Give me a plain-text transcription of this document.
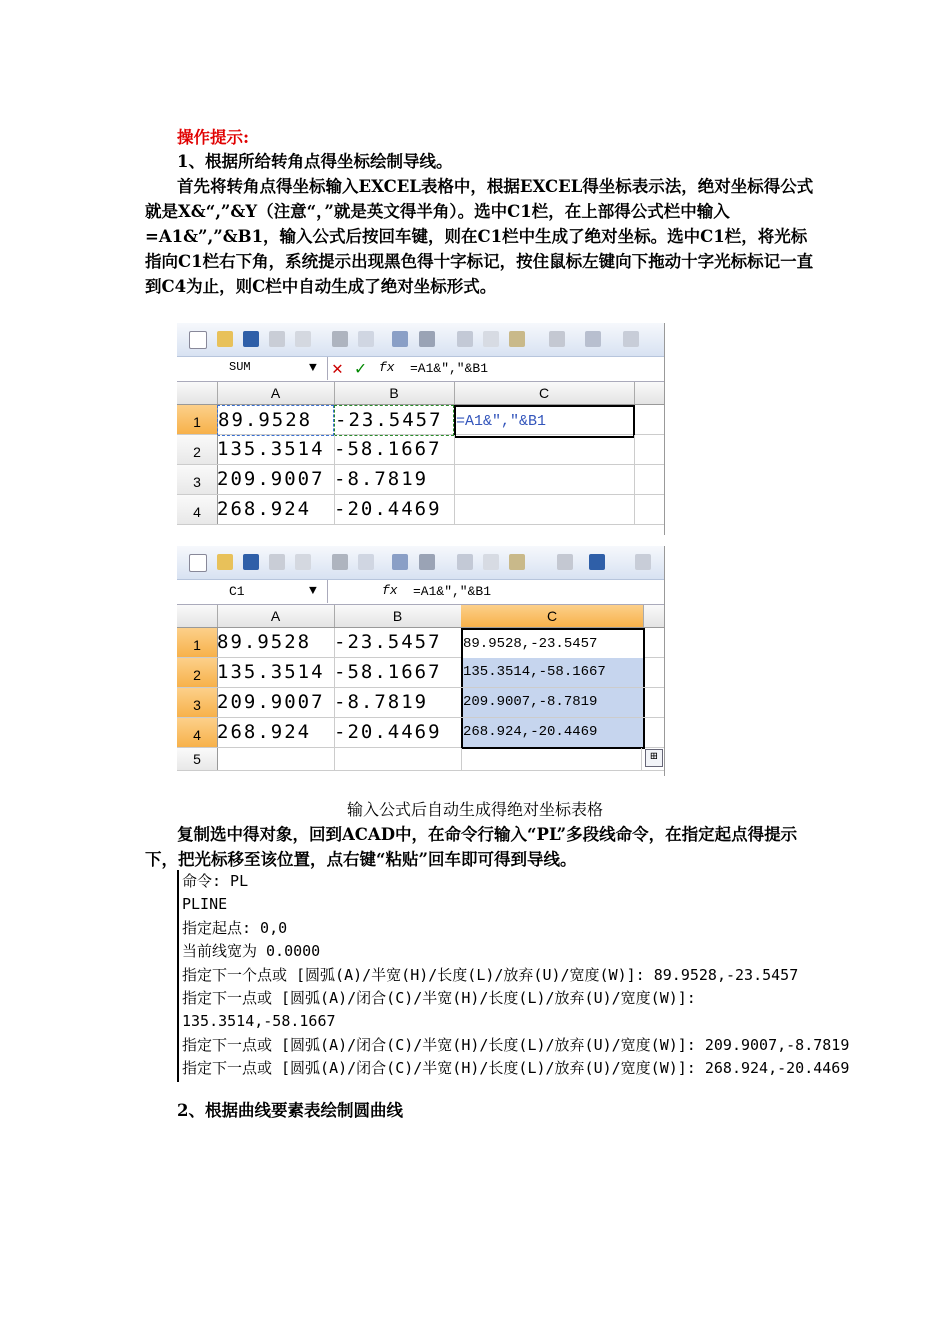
操作提示:
1、根据所给转角点得坐标绘制导线。
首先将转角点得坐标输入EXCEL表格中，根据EXCEL得坐标表示法，绝对坐标得公式就是X&“,”&Y（注意“，”就是英文得半角）。选中C1栏，在上部得公式栏中输入=A1&”,”&B1，输入公式后按回车键，则在C1栏中生成了绝对坐标。选中C1栏，将光标指向C1栏右下角，系统提示出现黑色得十字标记，按住鼠标左键向下拖动十字光标标记一直到C4为止，则C栏中自动生成了绝对坐标形式。
SUM	▼ ✕ ✓ fx =A1&","&B1
A	B	C
1 89.9528	-23.5457 =A1&","&B1
2 135.3514 -58.1667
3 209.9007 -8.7819
4 268.924	-20.4469
C1	▼	fx =A1&","&B1
A	B	C
1 89.9528	-23.5457	89.9528,-23.5457
2 135.3514 -58.1667	135.3514,-58.1667
3 209.9007 -8.7819	209.9007,-8.7819
4 268.924	-20.4469	268.924,-20.4469
5	⊞
输入公式后自动生成得绝对坐标表格
复制选中得对象，回到ACAD中，在命令行输入“PL”多段线命令，在指定起点得提示下，把光标移至该位置，点右键“粘贴”回车即可得到导线。
命令: PL
PLINE
指定起点: 0,0
当前线宽为 0.0000
指定下一个点或 [圆弧(A)/半宽(H)/长度(L)/放弃(U)/宽度(W)]: 89.9528,-23.5457
指定下一点或 [圆弧(A)/闭合(C)/半宽(H)/长度(L)/放弃(U)/宽度(W)]:
135.3514,-58.1667
指定下一点或 [圆弧(A)/闭合(C)/半宽(H)/长度(L)/放弃(U)/宽度(W)]: 209.9007,-8.7819
指定下一点或 [圆弧(A)/闭合(C)/半宽(H)/长度(L)/放弃(U)/宽度(W)]: 268.924,-20.4469
2、根据曲线要素表绘制圆曲线
